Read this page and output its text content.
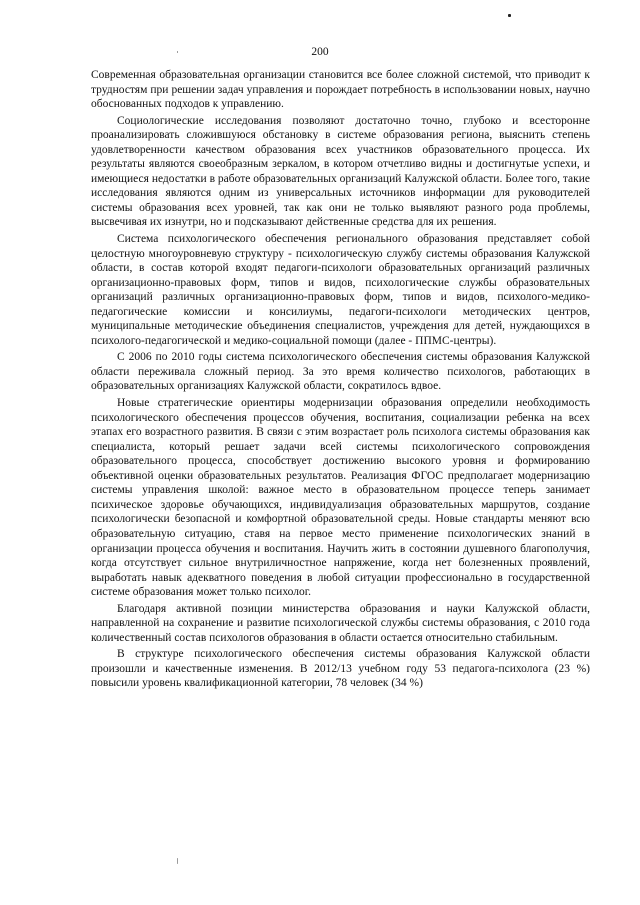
200

Современная образовательная организации становится все более сложной системой, что приводит к трудностям при решении задач управления и порождает потребность в использовании новых, научно обоснованных подходов к управлению.

Социологические исследования позволяют достаточно точно, глубоко и всесторонне проанализировать сложившуюся обстановку в системе образования региона, выяснить степень удовлетворенности качеством образования всех участников образовательного процесса. Их результаты являются своеобразным зеркалом, в котором отчетливо видны и достигнутые успехи, и имеющиеся недостатки в работе образовательных организаций Калужской области. Более того, такие исследования являются одним из универсальных источников информации для руководителей системы образования всех уровней, так как они не только выявляют разного рода проблемы, высвечивая их изнутри, но и подсказывают действенные средства для их решения.

Система психологического обеспечения регионального образования представляет собой целостную многоуровневую структуру - психологическую службу системы образования Калужской области, в состав которой входят педагоги-психологи образовательных организаций различных организационно-правовых форм, типов и видов, психологические службы образовательных организаций различных организационно-правовых форм, типов и видов, психолого-медико-педагогические комиссии и консилиумы, педагоги-психологи методических центров, муниципальные методические объединения специалистов, учреждения для детей, нуждающихся в психолого-педагогической и медико-социальной помощи (далее - ППМС-центры).

С 2006 по 2010 годы система психологического обеспечения системы образования Калужской области переживала сложный период. За это время количество психологов, работающих в образовательных организациях Калужской области, сократилось вдвое.

Новые стратегические ориентиры модернизации образования определили необходимость психологического обеспечения процессов обучения, воспитания, социализации ребенка на всех этапах его возрастного развития. В связи с этим возрастает роль психолога системы образования как специалиста, который решает задачи всей системы психологического сопровождения образовательного процесса, способствует достижению высокого уровня и формированию объективной оценки образовательных результатов. Реализация ФГОС предполагает модернизацию системы управления школой: важное место в образовательном процессе теперь занимает психическое здоровье обучающихся, индивидуализация образовательных маршрутов, создание психологически безопасной и комфортной образовательной среды. Новые стандарты меняют всю образовательную ситуацию, ставя на первое место применение психологических знаний в организации процесса обучения и воспитания. Научить жить в состоянии душевного благополучия, когда отсутствует сильное внутриличностное напряжение, когда нет болезненных проявлений, выработать навык адекватного поведения в любой ситуации профессионально в государственной системе образования может только психолог.

Благодаря активной позиции министерства образования и науки Калужской области, направленной на сохранение и развитие психологической службы системы образования, с 2010 года количественный состав психологов образования в области остается относительно стабильным.

В структуре психологического обеспечения системы образования Калужской области произошли и качественные изменения. В 2012/13 учебном году 53 педагога-психолога (23 %) повысили уровень квалификационной категории, 78 человек (34 %)
